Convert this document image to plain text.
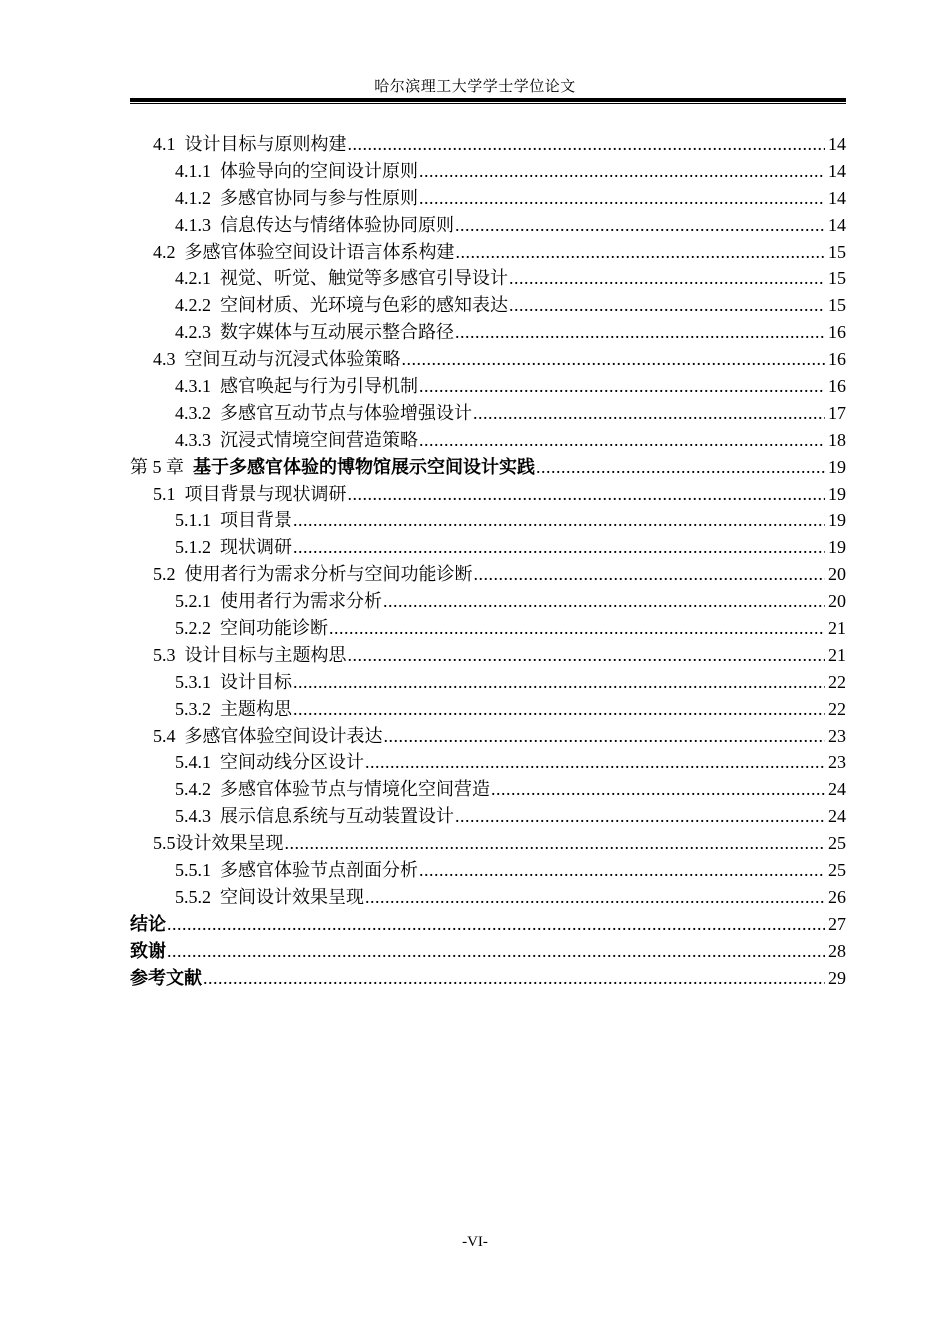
哈尔滨理工大学学士学位论文
4.1 设计目标与原则构建 .....	14
4.1.1 体验导向的空间设计原则 .....	14
4.1.2 多感官协同与参与性原则 .....	14
4.1.3 信息传达与情绪体验协同原则 .....	14
4.2 多感官体验空间设计语言体系构建 .....	15
4.2.1 视觉、听觉、触觉等多感官引导设计 .....	15
4.2.2 空间材质、光环境与色彩的感知表达 .....	15
4.2.3 数字媒体与互动展示整合路径 .....	16
4.3 空间互动与沉浸式体验策略 .....	16
4.3.1 感官唤起与行为引导机制 .....	16
4.3.2 多感官互动节点与体验增强设计 .....	17
4.3.3 沉浸式情境空间营造策略 .....	18
第 5 章 基于多感官体验的博物馆展示空间设计实践 .....	19
5.1 项目背景与现状调研 .....	19
5.1.1 项目背景 .....	19
5.1.2 现状调研 .....	19
5.2 使用者行为需求分析与空间功能诊断 .....	20
5.2.1 使用者行为需求分析 .....	20
5.2.2 空间功能诊断 .....	21
5.3 设计目标与主题构思 .....	21
5.3.1 设计目标 .....	22
5.3.2 主题构思 .....	22
5.4 多感官体验空间设计表达 .....	23
5.4.1 空间动线分区设计 .....	23
5.4.2 多感官体验节点与情境化空间营造 .....	24
5.4.3 展示信息系统与互动装置设计 .....	24
5.5 设计效果呈现 .....	25
5.5.1 多感官体验节点剖面分析 .....	25
5.5.2 空间设计效果呈现 .....	26
结论 .....	27
致谢 .....	28
参考文献 .....	29
-VI-
